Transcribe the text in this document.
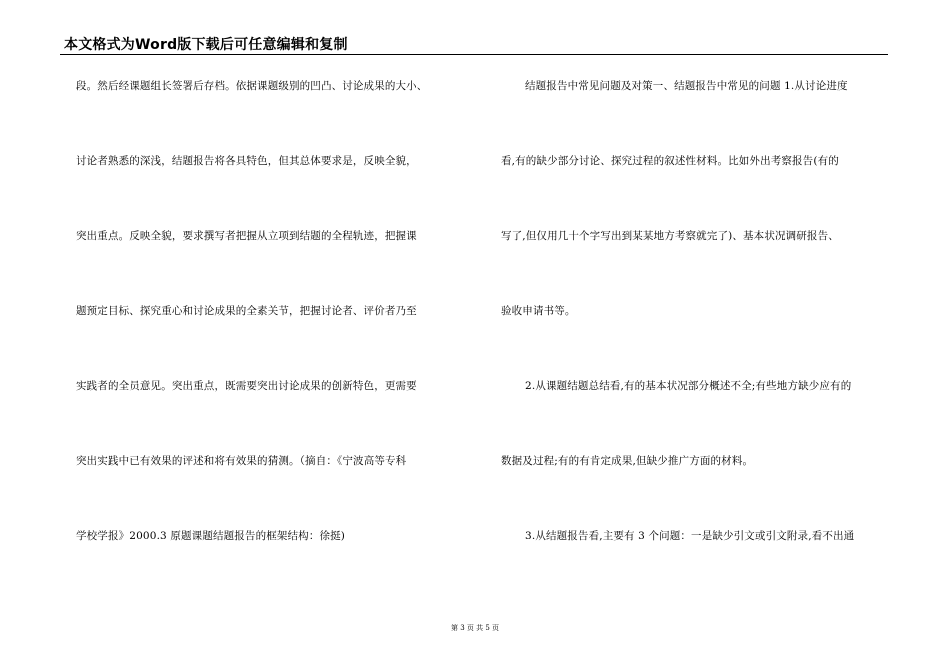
本文格式为Word版下载后可任意编辑和复制
段。然后经课题组长签署后存档。依据课题级别的凹凸、讨论成果的大小、
讨论者熟悉的深浅，结题报告将各具特色，但其总体要求是，反映全貌，
突出重点。反映全貌，要求撰写者把握从立项到结题的全程轨迹，把握课
题预定目标、探究重心和讨论成果的全素关节，把握讨论者、评价者乃至
实践者的全员意见。突出重点，既需要突出讨论成果的创新特色，更需要
突出实践中已有效果的评述和将有效果的猜测。（摘自：《宁波高等专科
学校学报》2000.3 原题课题结题报告的框架结构：徐挺)
结题报告中常见问题及对策一、结题报告中常见的问题 1.从讨论进度
看,有的缺少部分讨论、探究过程的叙述性材料。比如外出考察报告(有的
写了,但仅用几十个字写出到某某地方考察就完了)、基本状况调研报告、
验收申请书等。
2.从课题结题总结看,有的基本状况部分概述不全;有些地方缺少应有的
数据及过程;有的有肯定成果,但缺少推广方面的材料。
3.从结题报告看,主要有 3 个问题：一是缺少引文或引文附录,看不出通
第 3 页 共 5 页
